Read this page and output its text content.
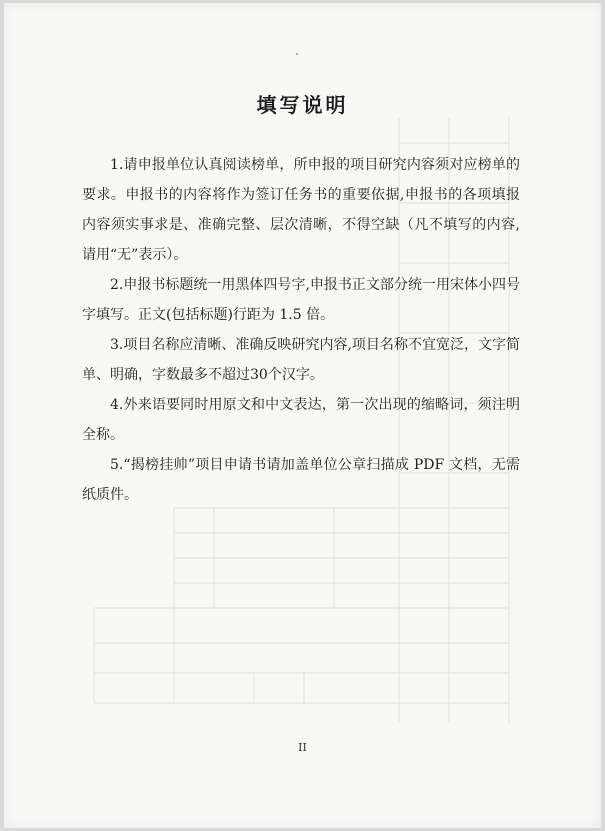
填写说明

1.请申报单位认真阅读榜单，所申报的项目研究内容须对应榜单的要求。申报书的内容将作为签订任务书的重要依据,申报书的各项填报内容须实事求是、准确完整、层次清晰，不得空缺（凡不填写的内容,请用“无”表示）。

2.申报书标题统一用黑体四号字,申报书正文部分统一用宋体小四号字填写。正文(包括标题)行距为 1.5 倍。

3.项目名称应清晰、准确反映研究内容,项目名称不宜宽泛，文字简单、明确，字数最多不超过30个汉字。

4.外来语要同时用原文和中文表达，第一次出现的缩略词，须注明全称。

5.“揭榜挂帅”项目申请书请加盖单位公章扫描成 PDF 文档，无需纸质件。

II
